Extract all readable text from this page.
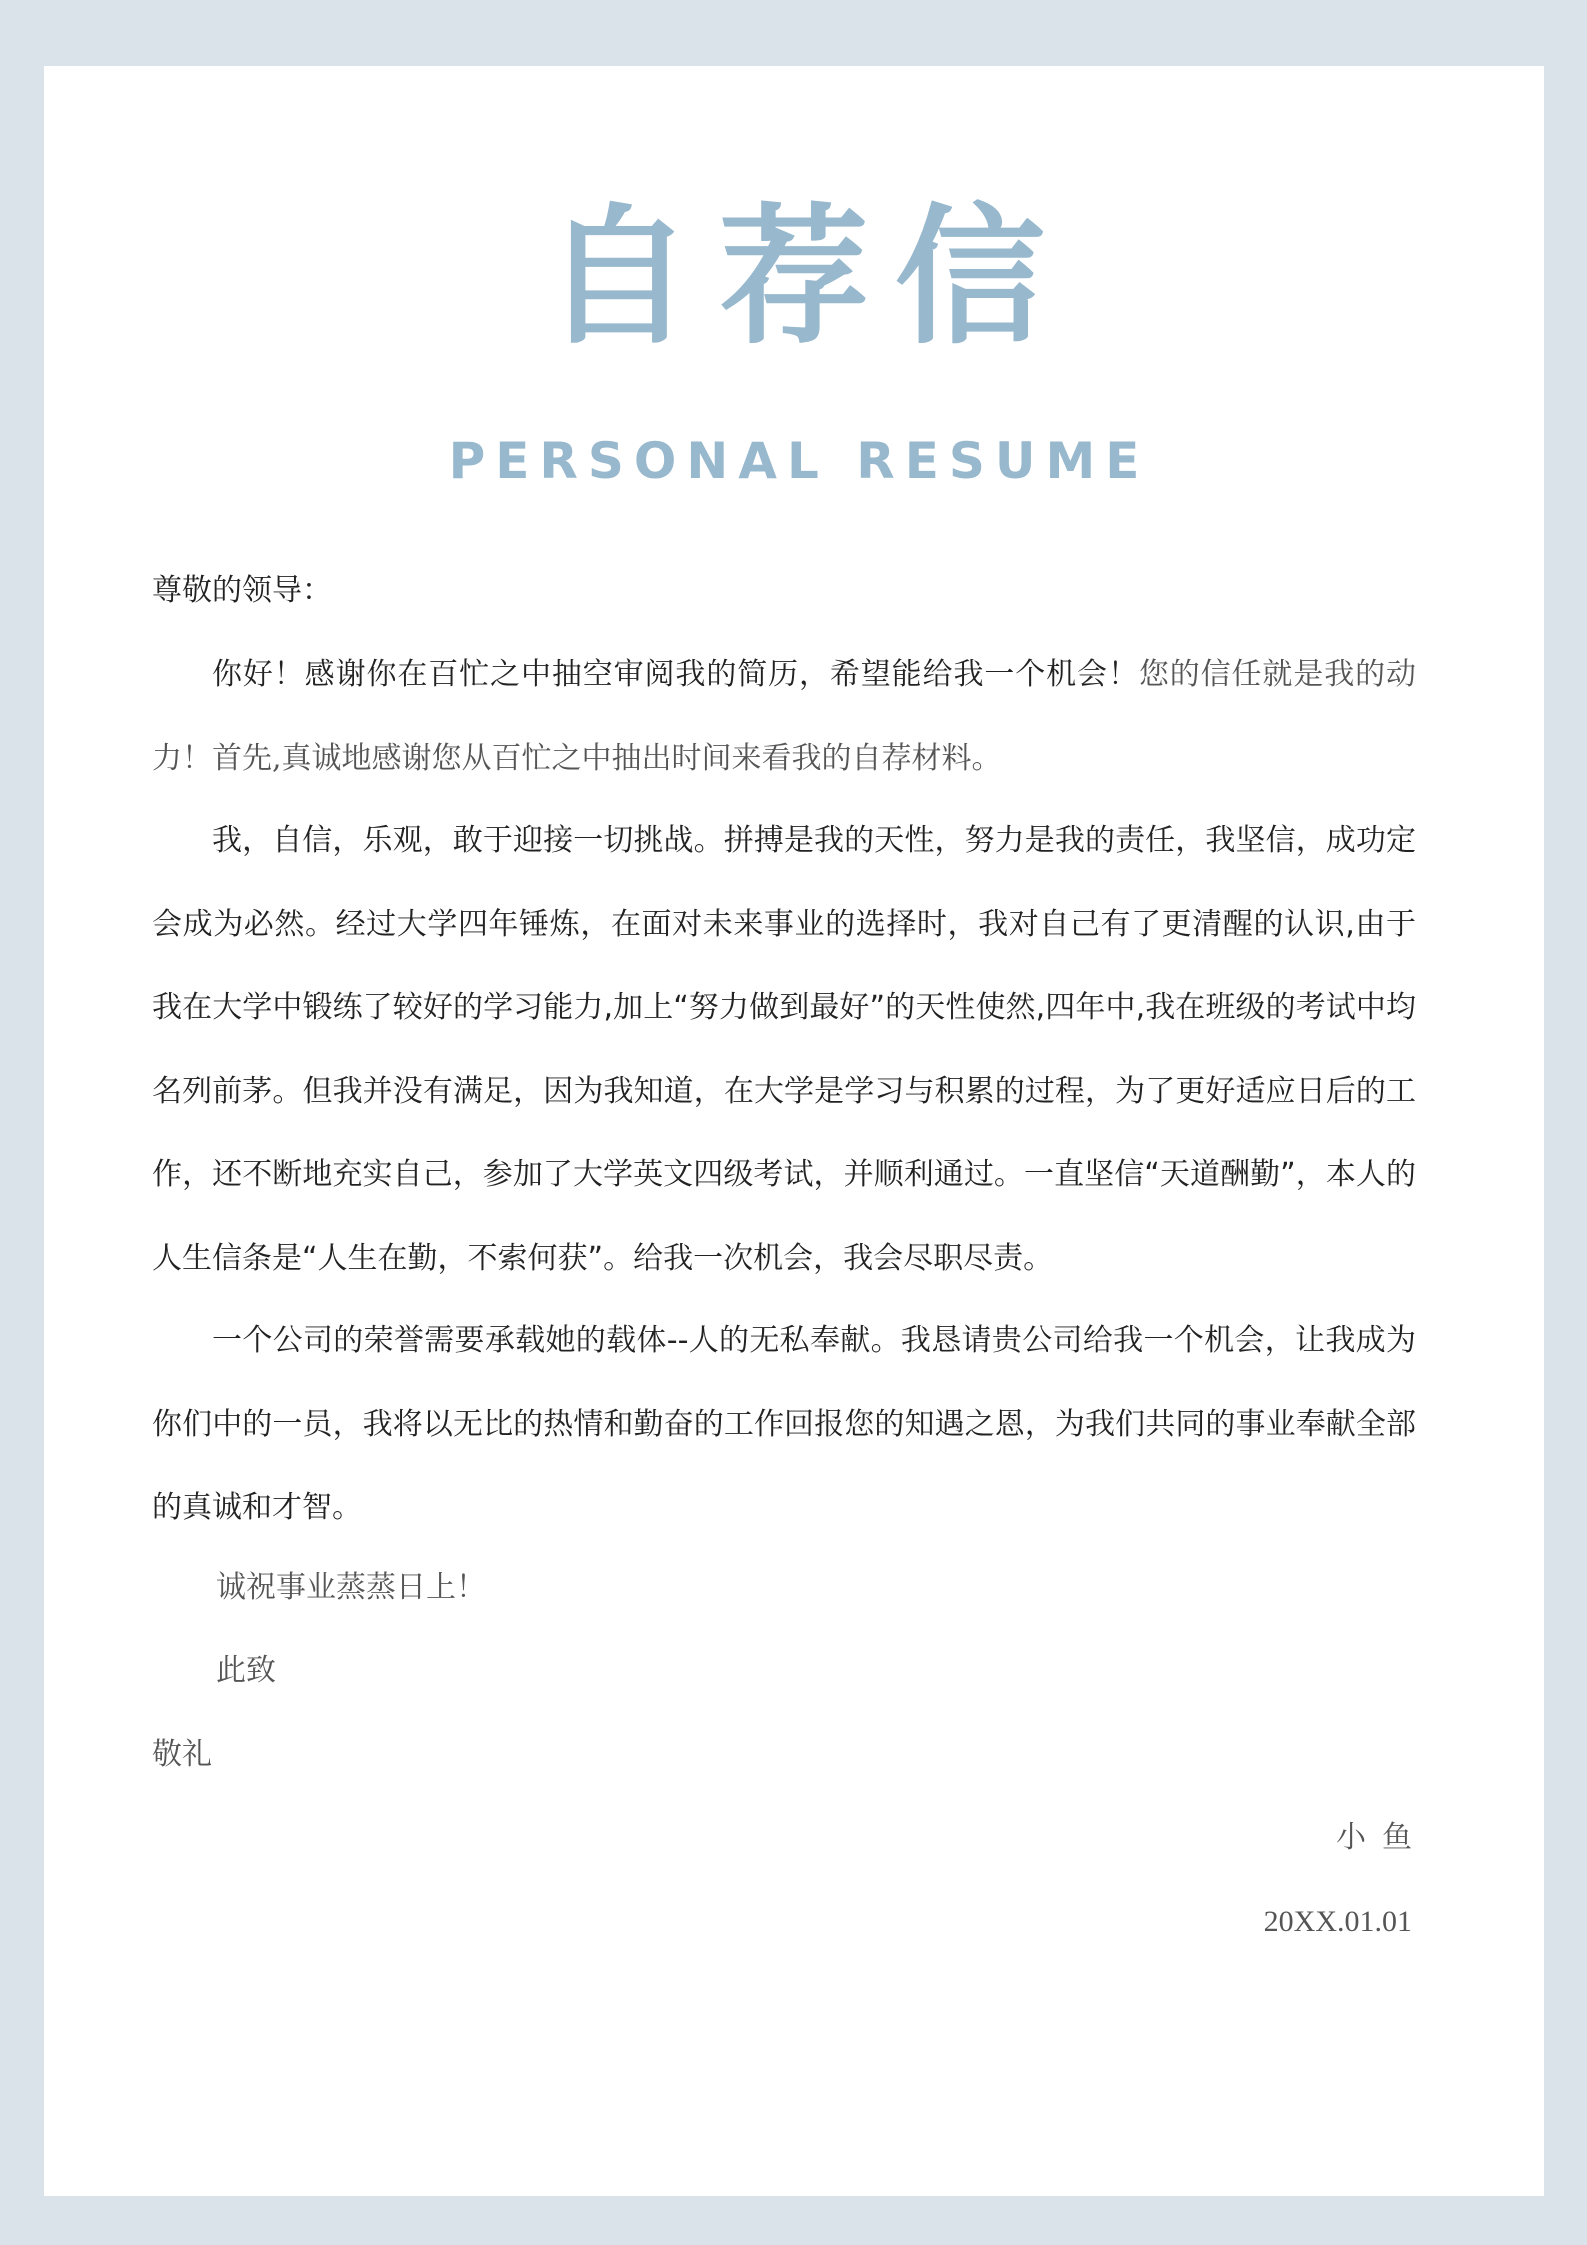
自荐信
PERSONAL RESUME
尊敬的领导：
你好！感谢你在百忙之中抽空审阅我的简历，希望能给我一个机会！您的信任就是我的动力！首先,真诚地感谢您从百忙之中抽出时间来看我的自荐材料。
我，自信，乐观，敢于迎接一切挑战。拼搏是我的天性，努力是我的责任，我坚信，成功定会成为必然。经过大学四年锤炼，在面对未来事业的选择时，我对自己有了更清醒的认识,由于我在大学中锻练了较好的学习能力,加上“努力做到最好”的天性使然,四年中,我在班级的考试中均名列前茅。但我并没有满足，因为我知道，在大学是学习与积累的过程，为了更好适应日后的工作，还不断地充实自己，参加了大学英文四级考试，并顺利通过。一直坚信“天道酬勤”，本人的人生信条是“人生在勤，不索何获”。给我一次机会，我会尽职尽责。
一个公司的荣誉需要承载她的载体--人的无私奉献。我恳请贵公司给我一个机会，让我成为你们中的一员，我将以无比的热情和勤奋的工作回报您的知遇之恩，为我们共同的事业奉献全部的真诚和才智。
诚祝事业蒸蒸日上！
此致
敬礼
小鱼
20XX.01.01
